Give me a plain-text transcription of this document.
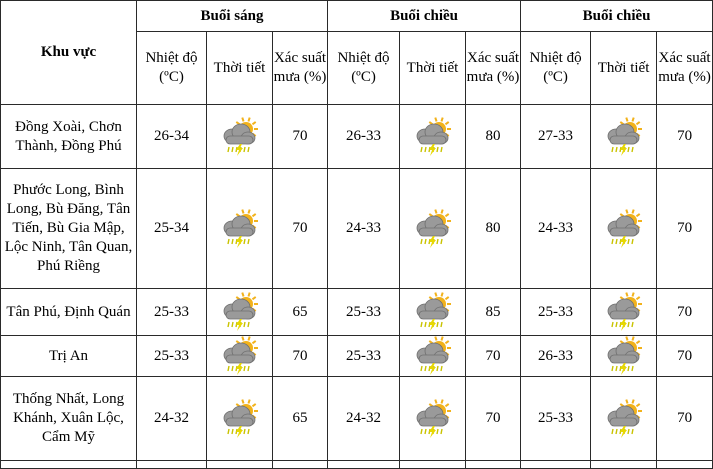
Khu vực	Buổi sáng			Buổi chiều			Buổi chiều		
	Nhiệt độ (ºC)	Thời tiết	Xác suất mưa (%)	Nhiệt độ (ºC)	Thời tiết	Xác suất mưa (%)	Nhiệt độ (ºC)	Thời tiết	Xác suất mưa (%)
Đồng Xoài, Chơn Thành, Đồng Phú	26-34		70	26-33		80	27-33		70
Phước Long, Bình Long, Bù Đăng, Tân Tiến, Bù Gia Mập, Lộc Ninh, Tân Quan, Phú Riềng	25-34		70	24-33		80	24-33		70
Tân Phú, Định Quán	25-33		65	25-33		85	25-33		70
Trị An	25-33		70	25-33		70	26-33		70
Thống Nhất, Long Khánh, Xuân Lộc, Cẩm Mỹ	24-32		65	24-32		70	25-33		70
